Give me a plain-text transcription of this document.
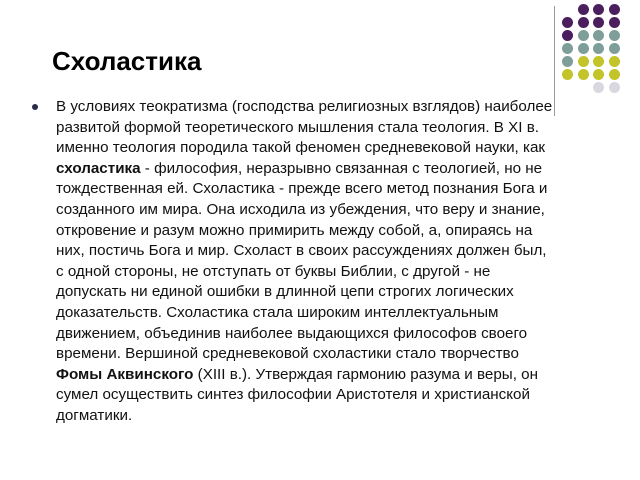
Схоластика

В условиях теократизма (господства религиозных взглядов) наиболее развитой формой теоретического мышления стала теология. В XI в. именно теология породила такой феномен средневековой науки, как схоластика - философия, неразрывно связанная с теологией, но не тождественная ей. Схоластика - прежде всего метод познания Бога и созданного им мира. Она исходила из убеждения, что веру и знание, откровение и разум можно примирить между собой, а, опираясь на них, постичь Бога и мир. Схоласт в своих рассуждениях должен был, с одной стороны, не отступать от буквы Библии, с другой - не допускать ни единой ошибки в длинной цепи строгих логических доказательств. Схоластика стала широким интеллектуальным движением, объединив наиболее выдающихся философов своего времени. Вершиной средневековой схоластики стало творчество Фомы Аквинского (XIII в.). Утверждая гармонию разума и веры, он сумел осуществить синтез философии Аристотеля и христианской догматики.
